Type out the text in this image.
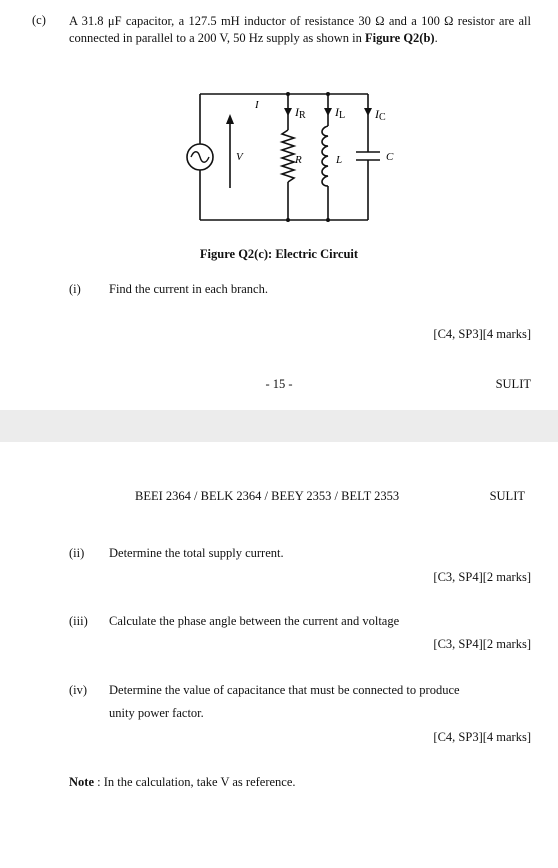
(c) A 31.8 μF capacitor, a 127.5 mH inductor of resistance 30 Ω and a 100 Ω resistor are all connected in parallel to a 200 V, 50 Hz supply as shown in Figure Q2(b).
I	IR IL IC
V	R	L	C
Figure Q2(c): Electric Circuit
(i) Find the current in each branch.
[C4, SP3][4 marks]
- 15 -	SULIT
BEEI 2364 / BELK 2364 / BEEY 2353 / BELT 2353	SULIT
(ii) Determine the total supply current.
[C3, SP4][2 marks]
(iii) Calculate the phase angle between the current and voltage
[C3, SP4][2 marks]
(iv) Determine the value of capacitance that must be connected to produce
unity power factor.
[C4, SP3][4 marks]
Note : In the calculation, take V as reference.
